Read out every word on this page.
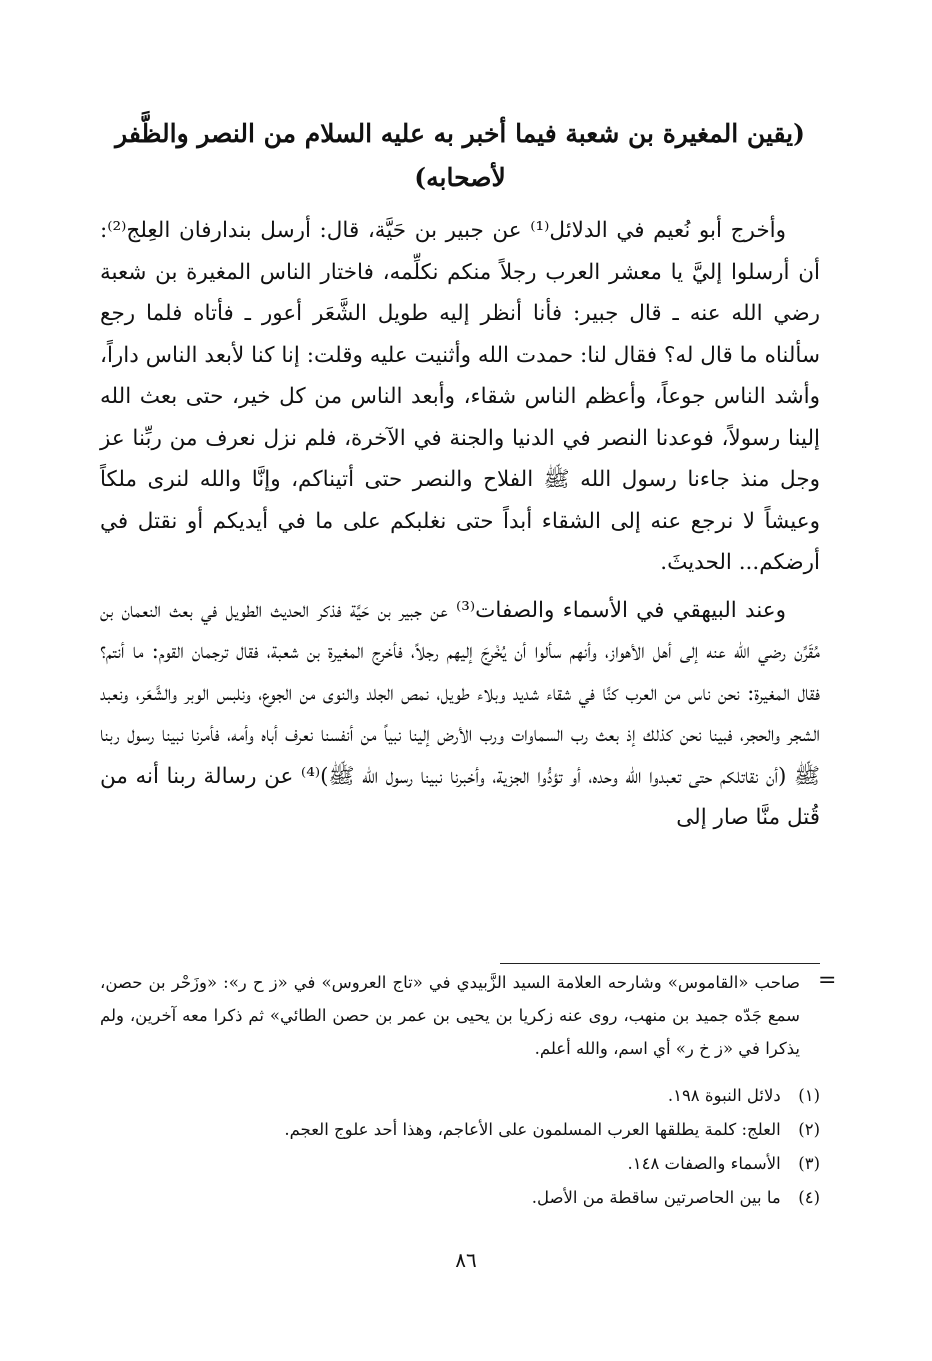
(يقين المغيرة بن شعبة فيما أخبر به عليه السلام من النصر والظَّفر لأصحابه)

وأخرج أبو نُعيم في الدلائل⁽¹⁾ عن جبير بن حَيَّة، قال: أرسل بندارفان العِلج⁽²⁾: أن أرسلوا إليَّ يا معشر العرب رجلاً منكم نكلِّمه، فاختار الناس المغيرة بن شعبة رضي الله عنه ـ قال جبير: فأنا أنظر إليه طويل الشَّعَر أعور ـ فأتاه فلما رجع سألناه ما قال له؟ فقال لنا: حمدت الله وأثنيت عليه وقلت: إنا كنا لأبعد الناس داراً، وأشد الناس جوعاً، وأعظم الناس شقاء، وأبعد الناس من كل خير، حتى بعث الله إلينا رسولاً، فوعدنا النصر في الدنيا والجنة في الآخرة، فلم نزل نعرف من ربِّنا عز وجل منذ جاءنا رسول الله ﷺ الفلاح والنصر حتى أتيناكم، وإنَّا والله لنرى ملكاً وعيشاً لا نرجع عنه إلى الشقاء أبداً حتى نغلبكم على ما في أيديكم أو نقتل في أرضكم... الحديثَ.

وعند البيهقي في الأسماء والصفات⁽³⁾ عن جبير بن حَيَّة فذكر الحديث الطويل في بعث النعمان بن مُقَرِّن رضي الله عنه إلى أهل الأهواز، وأنهم سألوا أن يُخْرِجَ إليهم رجلاً، فأخرج المغيرة بن شعبة، فقال ترجمان القوم: ما أنتم؟ فقال المغيرة: نحن ناس من العرب كنَّا في شقاء شديد وبلاء طويل، نمص الجلد والنوى من الجوع، ونلبس الوبر والشَّعَر، ونعبد الشجر والحجر، فبينا نحن كذلك إذ بعث رب السماوات ورب الأرض إلينا نبياً من أنفسنا نعرف أباه وأمه، فأمرنا نبينا رسول ربنا ﷺ (أن نقاتلكم حتى تعبدوا الله وحده، أو تؤدُّوا الجزية، وأخبرنا نبينا رسول الله ﷺ)⁽⁴⁾ عن رسالة ربنا أنه من قُتل منَّا صار إلى

=
صاحب «القاموس» وشارحه العلامة السيد الزَّبيدي في «تاج العروس» في «ز ح ر»: «وزَحْر بن حصن، سمع جَدّه جميد بن منهب، روى عنه زكريا بن يحيى بن عمر بن حصن الطائي» ثم ذكرا معه آخرين، ولم يذكرا في «ز خ ر» أي اسم، والله أعلم.
(١) دلائل النبوة ١٩٨.
(٢) العلج: كلمة يطلقها العرب المسلمون على الأعاجم، وهذا أحد علوج العجم.
(٣) الأسماء والصفات ١٤٨.
(٤) ما بين الحاصرتين ساقطة من الأصل.
٨٦
